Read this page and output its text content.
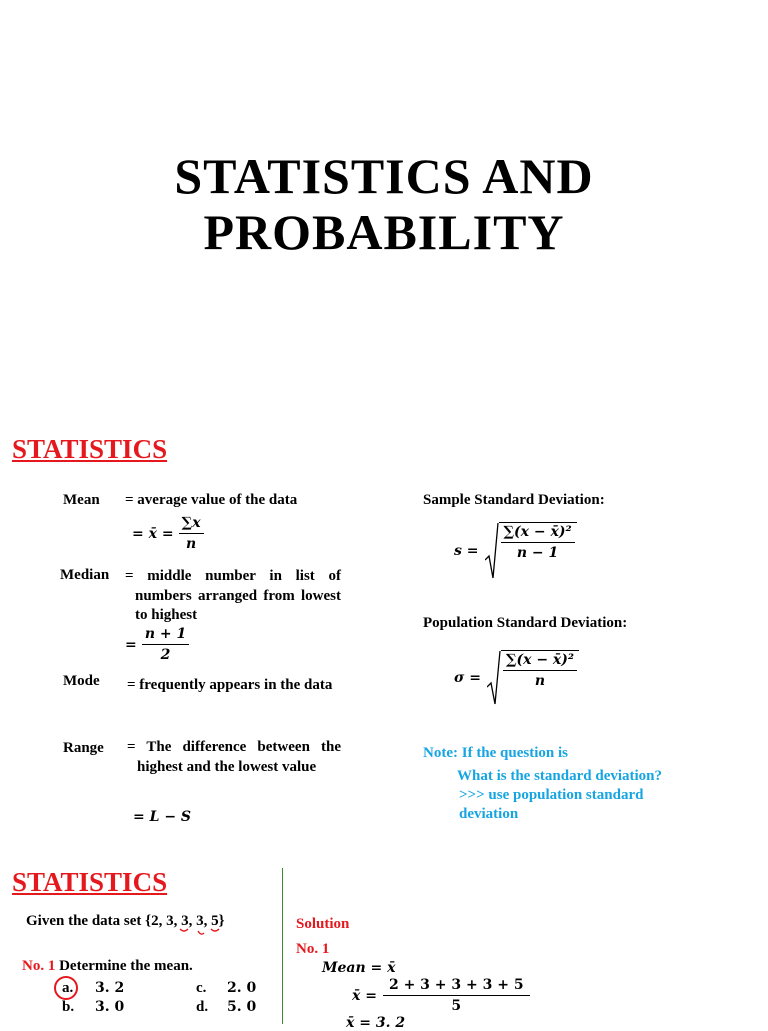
STATISTICS AND
PROBABILITY
STATISTICS
Mean = average value of the data
= x̄ = $\frac{\sum x}{n}$
Median = middle number in list of numbers arranged from lowest to highest
= $\frac{n + 1}{2}$
Mode = frequently appears in the data
Range = The difference between the highest and the lowest value
= L − S
Sample Standard Deviation:
$s = \frac{\text{∑(x − x̄)²}}{n - 1}$
Population Standard Deviation:
$\sigma = \frac{\text{∑(x − x̄)²}}{n}$
Note: If the question is
What is the standard deviation?
>>> use population standard
deviation
STATISTICS
Given the data set {2, 3, 3, 3, 5}
No. 1 Determine the mean.
a. 3. 2
b. 3. 0
c. 2. 0
d. 5. 0
Solution
No. 1
Mean = x̄
x̄ = $\frac{2 + 3 + 3 + 3 + 5}{5}$
x̄ = 3. 2
